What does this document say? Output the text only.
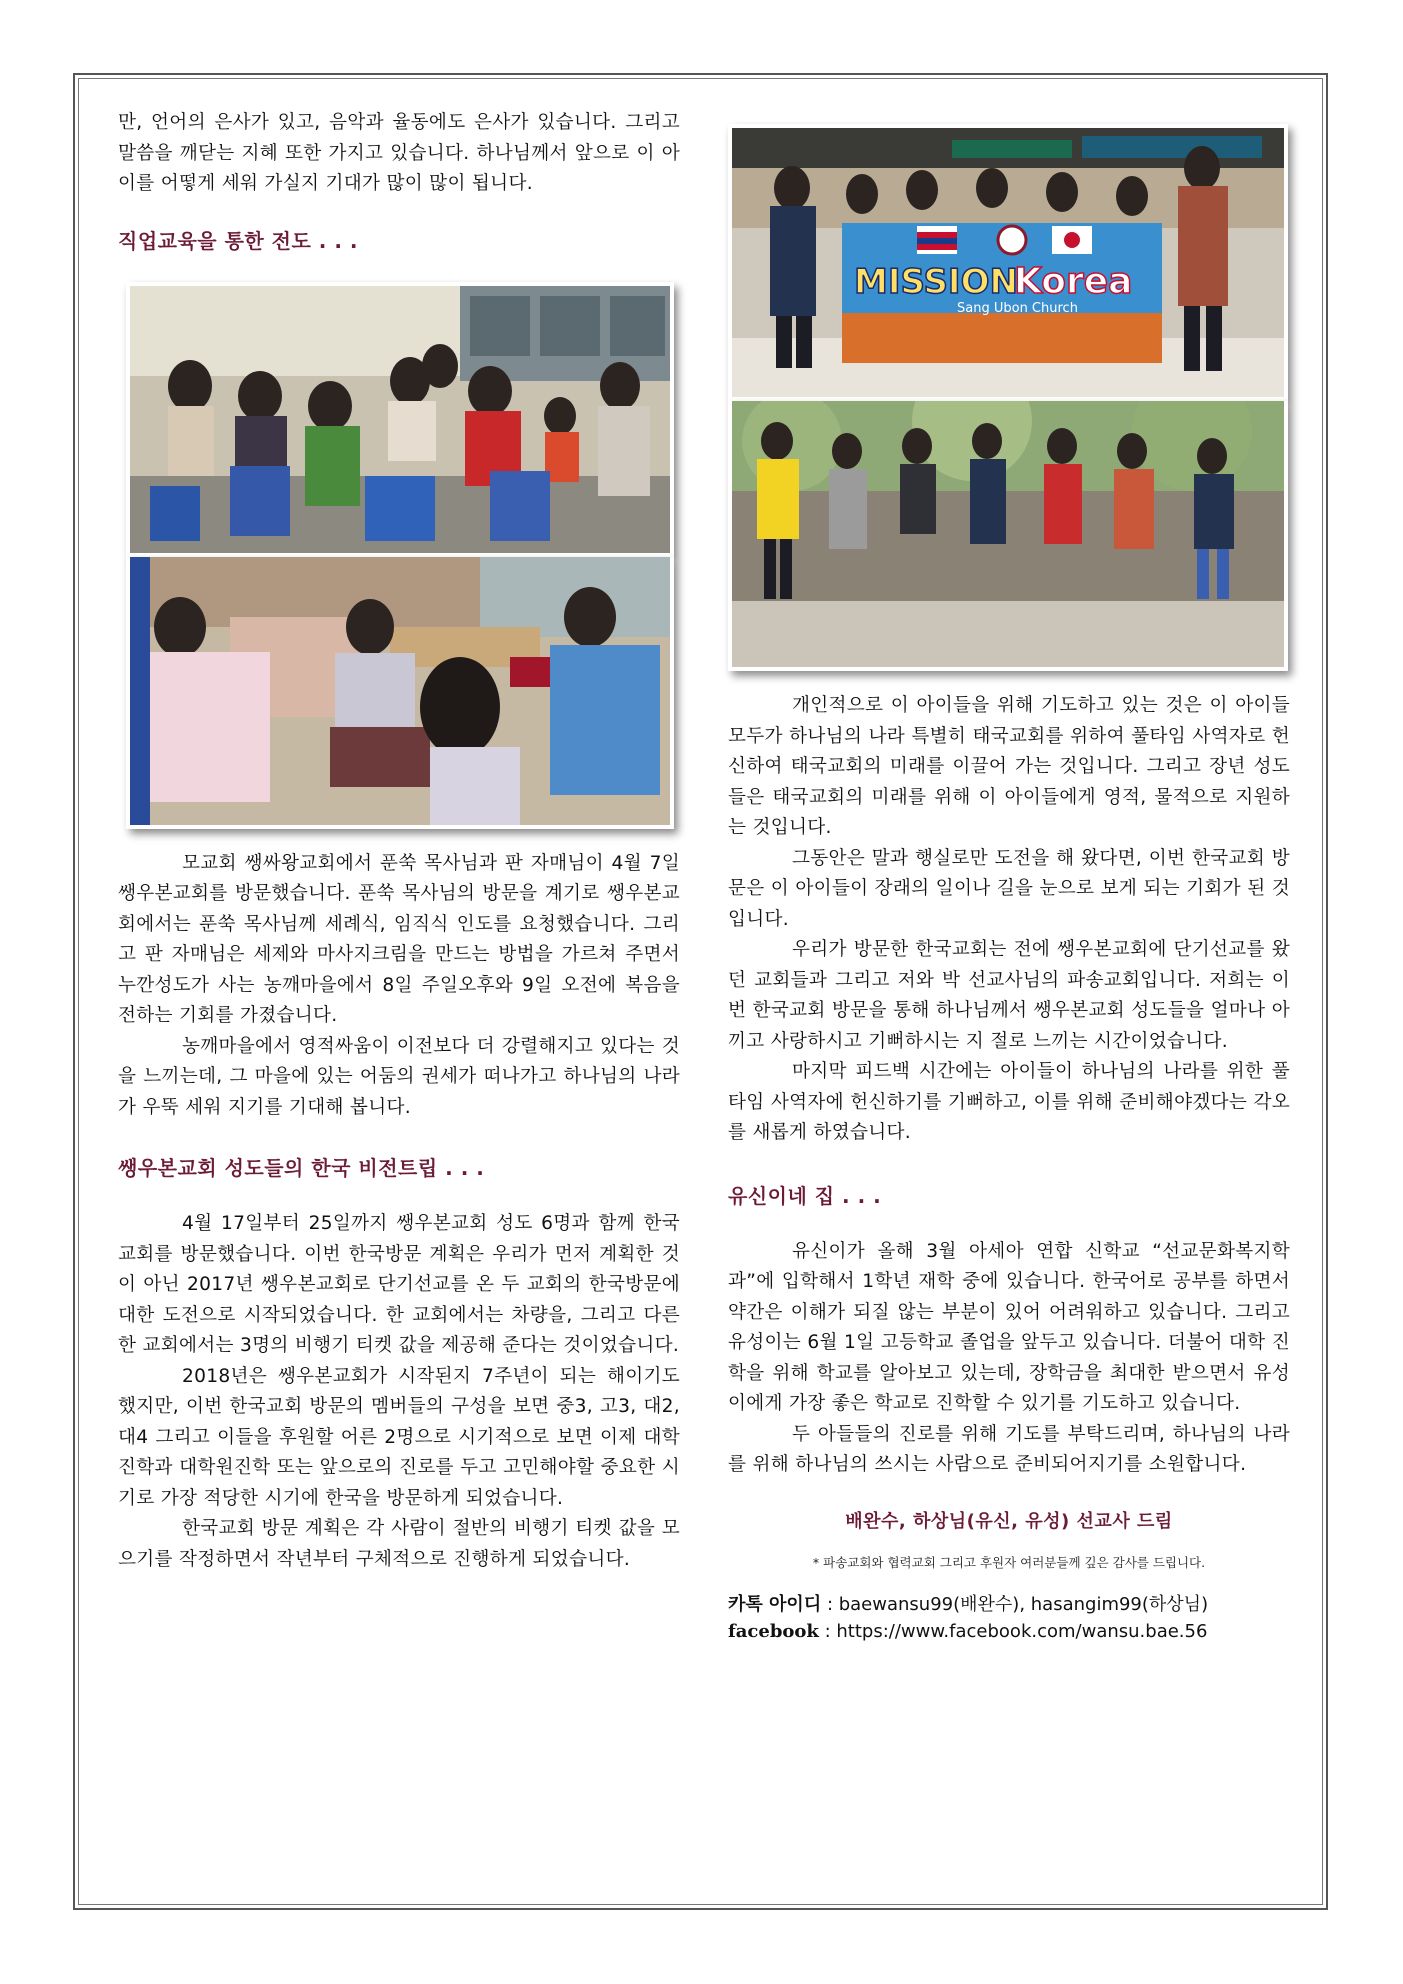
만, 언어의 은사가 있고, 음악과 율동에도 은사가 있습니다. 그리고 말씀을 깨닫는 지혜 또한 가지고 있습니다. 하나님께서 앞으로 이 아이를 어떻게 세워 가실지 기대가 많이 많이 됩니다.

직업교육을 통한 전도 . . .

모교회 쌩싸왕교회에서 푼쑥 목사님과 판 자매님이 4월 7일 쌩우본교회를 방문했습니다. 푼쑥 목사님의 방문을 계기로 쌩우본교회에서는 푼쑥 목사님께 세례식, 임직식 인도를 요청했습니다. 그리고 판 자매님은 세제와 마사지크림을 만드는 방법을 가르쳐 주면서 누깐성도가 사는 농깨마을에서 8일 주일오후와 9일 오전에 복음을 전하는 기회를 가졌습니다.

농깨마을에서 영적싸움이 이전보다 더 강렬해지고 있다는 것을 느끼는데, 그 마을에 있는 어둠의 권세가 떠나가고 하나님의 나라가 우뚝 세워 지기를 기대해 봅니다.

쌩우본교회 성도들의 한국 비전트립 . . .

4월 17일부터 25일까지 쌩우본교회 성도 6명과 함께 한국교회를 방문했습니다. 이번 한국방문 계획은 우리가 먼저 계획한 것이 아닌 2017년 쌩우본교회로 단기선교를 온 두 교회의 한국방문에 대한 도전으로 시작되었습니다. 한 교회에서는 차량을, 그리고 다른 한 교회에서는 3명의 비행기 티켓 값을 제공해 준다는 것이었습니다.

2018년은 쌩우본교회가 시작된지 7주년이 되는 해이기도 했지만, 이번 한국교회 방문의 멤버들의 구성을 보면 중3, 고3, 대2, 대4 그리고 이들을 후원할 어른 2명으로 시기적으로 보면 이제 대학진학과 대학원진학 또는 앞으로의 진로를 두고 고민해야할 중요한 시기로 가장 적당한 시기에 한국을 방문하게 되었습니다.

한국교회 방문 계획은 각 사람이 절반의 비행기 티켓 값을 모으기를 작정하면서 작년부터 구체적으로 진행하게 되었습니다.

MISSION
Korea
Sang Ubon Church

개인적으로 이 아이들을 위해 기도하고 있는 것은 이 아이들 모두가 하나님의 나라 특별히 태국교회를 위하여 풀타임 사역자로 헌신하여 태국교회의 미래를 이끌어 가는 것입니다. 그리고 장년 성도들은 태국교회의 미래를 위해 이 아이들에게 영적, 물적으로 지원하는 것입니다.

그동안은 말과 행실로만 도전을 해 왔다면, 이번 한국교회 방문은 이 아이들이 장래의 일이나 길을 눈으로 보게 되는 기회가 된 것입니다.

우리가 방문한 한국교회는 전에 쌩우본교회에 단기선교를 왔던 교회들과 그리고 저와 박 선교사님의 파송교회입니다. 저희는 이번 한국교회 방문을 통해 하나님께서 쌩우본교회 성도들을 얼마나 아끼고 사랑하시고 기뻐하시는 지 절로 느끼는 시간이었습니다.

마지막 피드백 시간에는 아이들이 하나님의 나라를 위한 풀타임 사역자에 헌신하기를 기뻐하고, 이를 위해 준비해야겠다는 각오를 새롭게 하였습니다.

유신이네 집 . . .

유신이가 올해 3월 아세아 연합 신학교 “선교문화복지학과”에 입학해서 1학년 재학 중에 있습니다. 한국어로 공부를 하면서 약간은 이해가 되질 않는 부분이 있어 어려워하고 있습니다. 그리고 유성이는 6월 1일 고등학교 졸업을 앞두고 있습니다. 더불어 대학 진학을 위해 학교를 알아보고 있는데, 장학금을 최대한 받으면서 유성이에게 가장 좋은 학교로 진학할 수 있기를 기도하고 있습니다.

두 아들들의 진로를 위해 기도를 부탁드리며, 하나님의 나라를 위해 하나님의 쓰시는 사람으로 준비되어지기를 소원합니다.

배완수, 하상님(유신, 유성) 선교사 드림
* 파송교회와 협력교회 그리고 후원자 여러분들께 깊은 감사를 드립니다.
카톡 아이디 : baewansu99(배완수), hasangim99(하상님)
facebook : https://www.facebook.com/wansu.bae.56
